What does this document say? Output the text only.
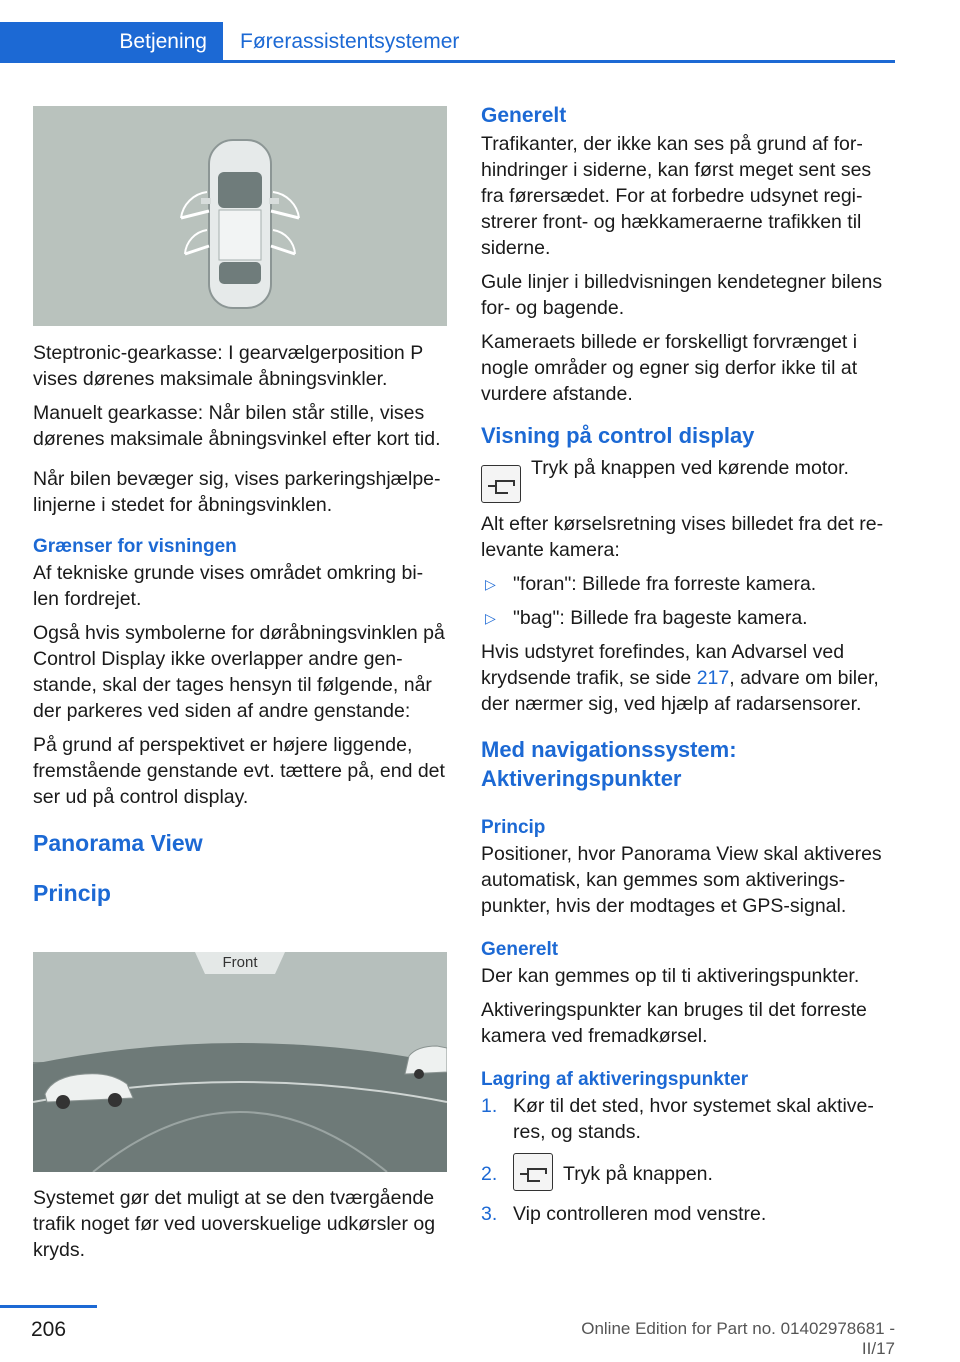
Betjening	Førerassistentsystemer

Steptronic-gearkasse: I gearvælgerposition P vises dørenes maksimale åbningsvinkler.

Manuelt gearkasse: Når bilen står stille, vises dørenes maksimale åbningsvinkel efter kort tid.

Når bilen bevæger sig, vises parkeringshjælpe-linjerne i stedet for åbningsvinklen.

Grænser for visningen

Af tekniske grunde vises området omkring bi-len fordrejet.

Også hvis symbolerne for døråbningsvinklen på Control Display ikke overlapper andre gen-stande, skal der tages hensyn til følgende, når der parkeres ved siden af andre genstande:

På grund af perspektivet er højere liggende, fremstående genstande evt. tættere på, end det ser ud på control display.

Panorama View
Princip
Front

Systemet gør det muligt at se den tværgående trafik noget før ved uoverskuelige udkørsler og kryds.

Generelt

Trafikanter, der ikke kan ses på grund af for-hindringer i siderne, kan først meget sent ses fra førersædet. For at forbedre udsynet regi-strerer front- og hækkameraerne trafikken til siderne.

Gule linjer i billedvisningen kendetegner bilens for- og bagende.

Kameraets billede er forskelligt forvrænget i nogle områder og egner sig derfor ikke til at vurdere afstande.

Visning på control display
Tryk på knappen ved kørende motor.

Alt efter kørselsretning vises billedet fra det re-levante kamera:

▷ "foran": Billede fra forreste kamera.
▷ "bag": Billede fra bageste kamera.

Hvis udstyret forefindes, kan Advarsel ved krydsende trafik, se side 217, advare om biler, der nærmer sig, ved hjælp af radarsensorer.

Med navigationssystem: Aktiveringspunkter
Princip

Positioner, hvor Panorama View skal aktiveres automatisk, kan gemmes som aktiverings-punkter, hvis der modtages et GPS-signal.

Generelt

Der kan gemmes op til ti aktiveringspunkter.

Aktiveringspunkter kan bruges til det forreste kamera ved fremadkørsel.

Lagring af aktiveringspunkter
1. Kør til det sted, hvor systemet skal aktive-res, og stands.
2.	Tryk på knappen.
3. Vip controlleren mod venstre.
206	Online Edition for Part no. 01402978681 - II/17
